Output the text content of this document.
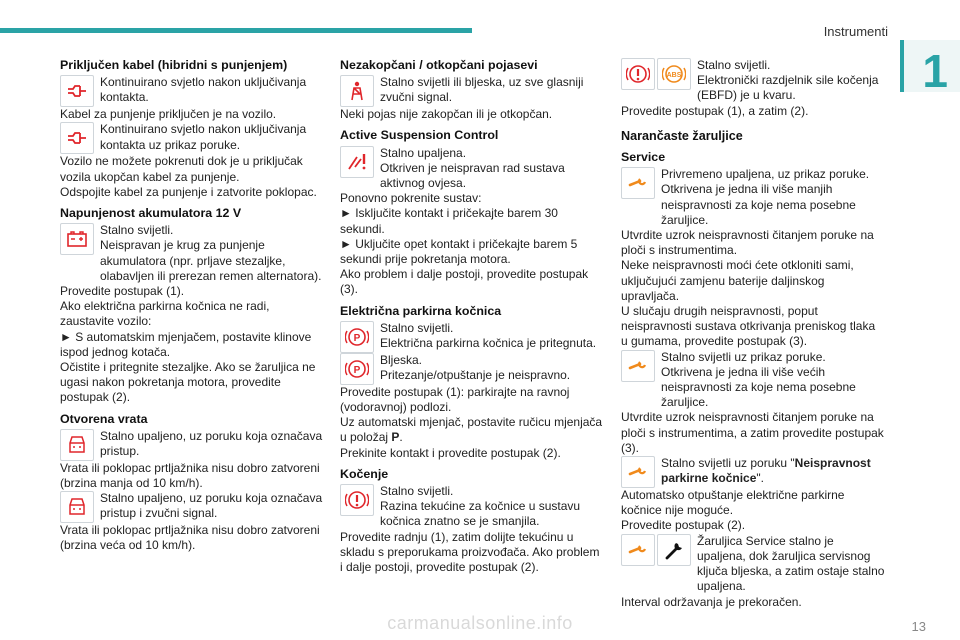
Instrumenti
1
Priključen kabel (hibridni s punjenjem)
Kontinuirano svjetlo nakon uključivanja kontakta.
Kabel za punjenje priključen je na vozilo.
Kontinuirano svjetlo nakon uključivanja kontakta uz prikaz poruke.
Vozilo ne možete pokrenuti dok je u priključak vozila ukopčan kabel za punjenje.
Odspojite kabel za punjenje i zatvorite poklopac.
Napunjenost akumulatora 12 V
Stalno svijetli.
Neispravan je krug za punjenje akumulatora (npr. prljave stezaljke, olabavljen ili prerezan remen alternatora).
Provedite postupak (1).
Ako električna parkirna kočnica ne radi, zaustavite vozilo:
► S automatskim mjenjačem, postavite klinove ispod jednog kotača.
Očistite i pritegnite stezaljke. Ako se žaruljica ne ugasi nakon pokretanja motora, provedite postupak (2).
Otvorena vrata
Stalno upaljeno, uz poruku koja označava pristup.
Vrata ili poklopac prtljažnika nisu dobro zatvoreni (brzina manja od 10 km/h).
Stalno upaljeno, uz poruku koja označava pristup i zvučni signal.
Vrata ili poklopac prtljažnika nisu dobro zatvoreni (brzina veća od 10 km/h).
Nezakopčani / otkopčani pojasevi
Stalno svijetli ili bljeska, uz sve glasniji zvučni signal.
Neki pojas nije zakopčan ili je otkopčan.
Active Suspension Control
Stalno upaljena.
Otkriven je neispravan rad sustava aktivnog ovjesa.
Ponovno pokrenite sustav:
► Isključite kontakt i pričekajte barem 30 sekundi.
► Uključite opet kontakt i pričekajte barem 5 sekundi prije pokretanja motora.
Ako problem i dalje postoji, provedite postupak (3).
Električna parkirna kočnica
P
Stalno svijetli.
Električna parkirna kočnica je pritegnuta.
P
Bljeska.
Pritezanje/otpuštanje je neispravno.
Provedite postupak (1): parkirajte na ravnoj (vodoravnoj) podlozi.
Uz automatski mjenjač, postavite ručicu mjenjača u položaj P.
Prekinite kontakt i provedite postupak (2).
Kočenje
Stalno svijetli.
Razina tekućine za kočnice u sustavu kočnica znatno se je smanjila.
Provedite radnju (1), zatim dolijte tekućinu u skladu s preporukama proizvođača. Ako problem i dalje postoji, provedite postupak (2).
ABS
Stalno svijetli.
Elektronički razdjelnik sile kočenja (EBFD) je u kvaru.
Provedite postupak (1), a zatim (2).
Narančaste žaruljice
Service
Privremeno upaljena, uz prikaz poruke.
Otkrivena je jedna ili više manjih neispravnosti za koje nema posebne žaruljice.
Utvrdite uzrok neispravnosti čitanjem poruke na ploči s instrumentima.
Neke neispravnosti moći ćete otkloniti sami, uključujući zamjenu baterije daljinskog upravljača.
U slučaju drugih neispravnosti, poput neispravnosti sustava otkrivanja preniskog tlaka u gumama, provedite postupak (3).
Stalno svijetli uz prikaz poruke.
Otkrivena je jedna ili više većih neispravnosti za koje nema posebne žaruljice.
Utvrdite uzrok neispravnosti čitanjem poruke na ploči s instrumentima, a zatim provedite postupak (3).
Stalno svijetli uz poruku "Neispravnost parkirne kočnice".
Automatsko otpuštanje električne parkirne kočnice nije moguće.
Provedite postupak (2).
Žaruljica Service stalno je upaljena, dok žaruljica servisnog ključa bljeska, a zatim ostaje stalno upaljena.
Interval održavanja je prekoračen.
carmanualsonline.info	13
